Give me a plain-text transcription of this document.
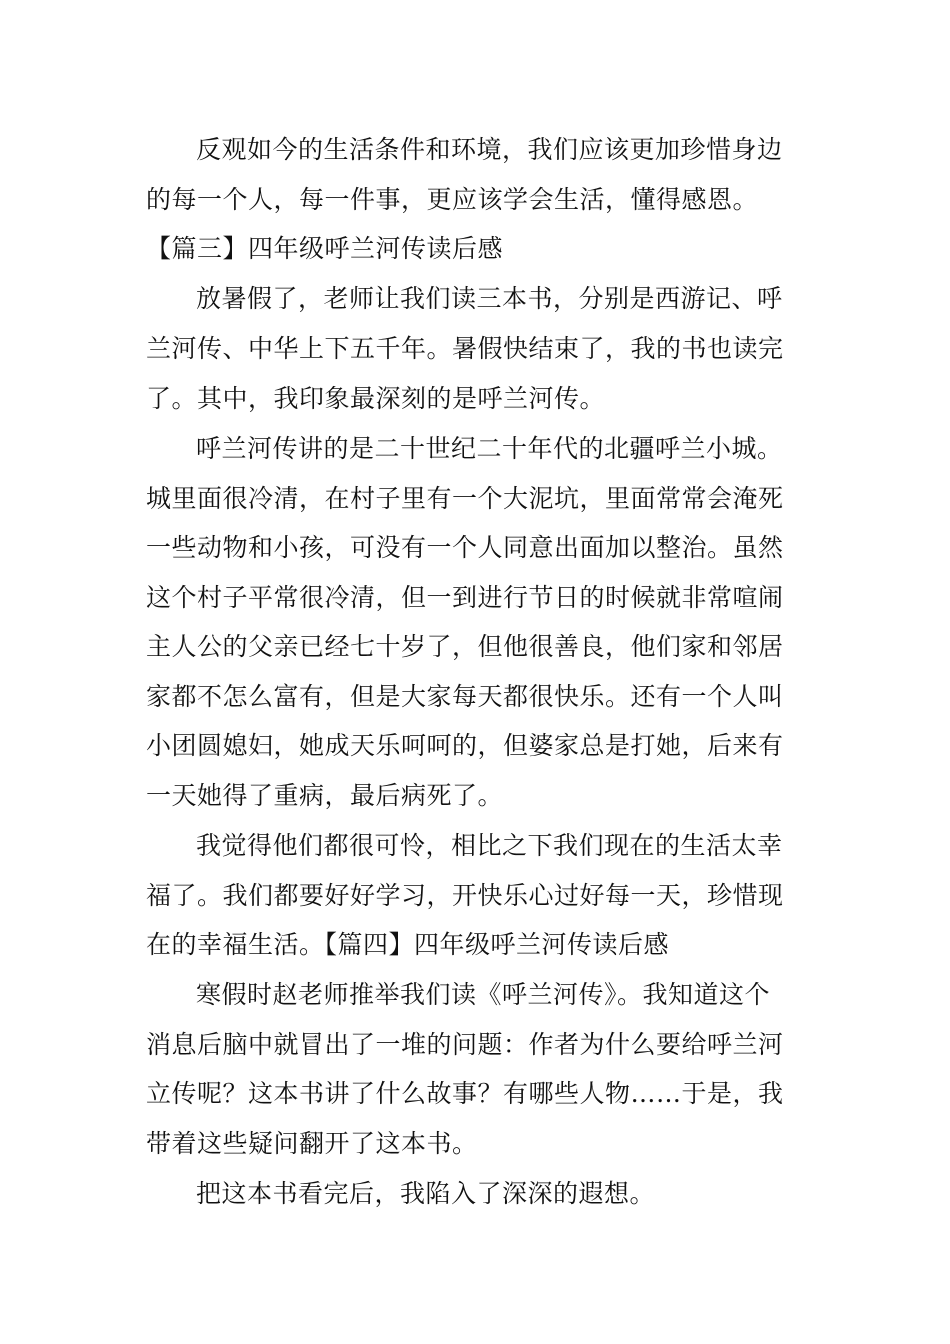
反观如今的生活条件和环境，我们应该更加珍惜身边
的每一个人，每一件事，更应该学会生活，懂得感恩。
【篇三】四年级呼兰河传读后感
放暑假了，老师让我们读三本书，分别是西游记、呼
兰河传、中华上下五千年。暑假快结束了，我的书也读完
了。其中，我印象最深刻的是呼兰河传。
呼兰河传讲的是二十世纪二十年代的北疆呼兰小城。
城里面很冷清，在村子里有一个大泥坑，里面常常会淹死
一些动物和小孩，可没有一个人同意出面加以整治。虽然
这个村子平常很冷清，但一到进行节日的时候就非常喧闹
主人公的父亲已经七十岁了，但他很善良，他们家和邻居
家都不怎么富有，但是大家每天都很快乐。还有一个人叫
小团圆媳妇，她成天乐呵呵的，但婆家总是打她，后来有
一天她得了重病，最后病死了。
我觉得他们都很可怜，相比之下我们现在的生活太幸
福了。我们都要好好学习，开快乐心过好每一天，珍惜现
在的幸福生活。【篇四】四年级呼兰河传读后感
寒假时赵老师推举我们读《呼兰河传》。我知道这个
消息后脑中就冒出了一堆的问题：作者为什么要给呼兰河
立传呢？这本书讲了什么故事？有哪些人物……于是，我
带着这些疑问翻开了这本书。
把这本书看完后，我陷入了深深的遐想。
